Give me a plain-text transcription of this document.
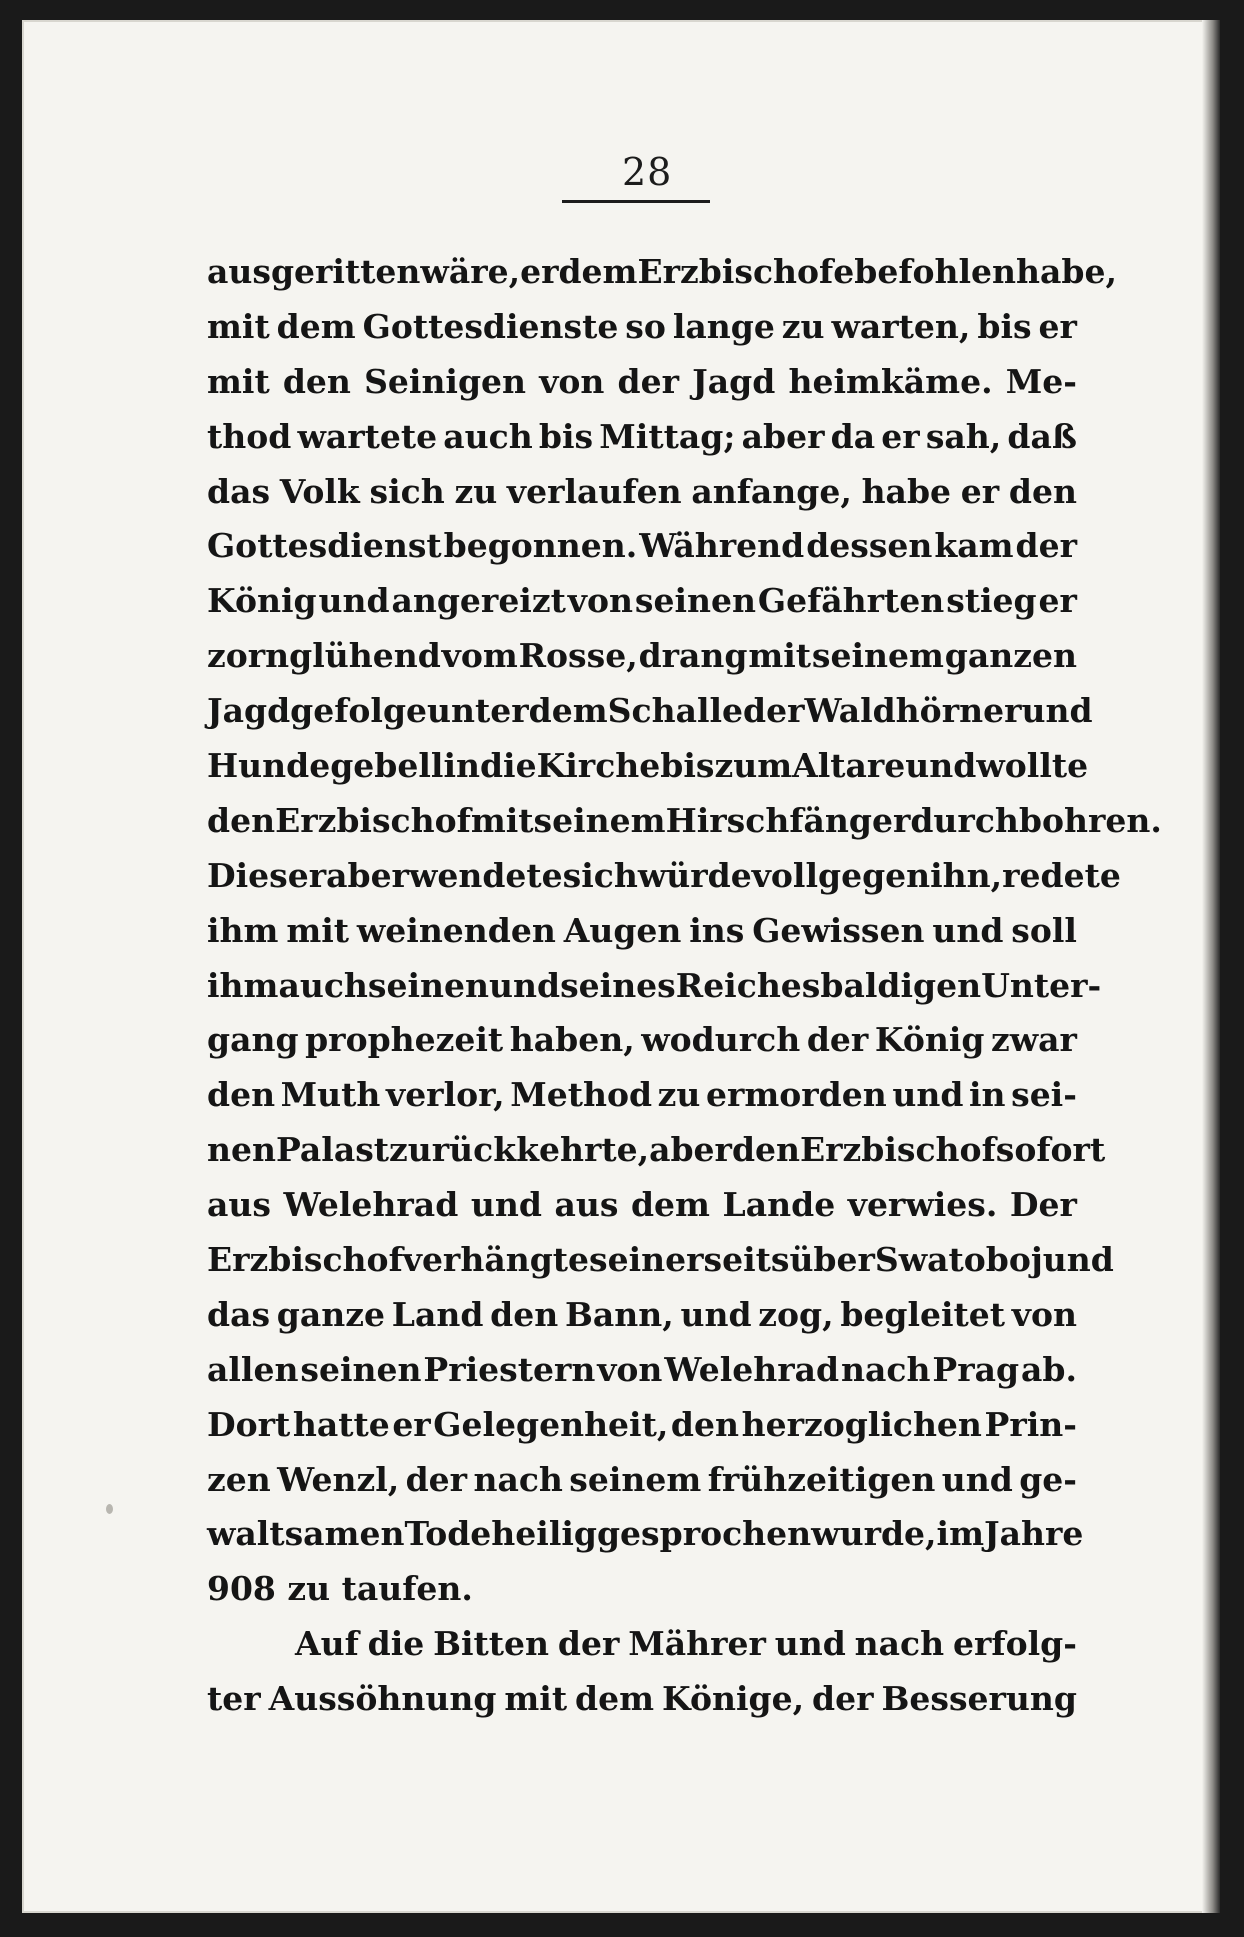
28
ausgeritten wäre, er dem Erzbischofe befohlen habe,
mit dem Gottesdienste so lange zu warten, bis er
mit den Seinigen von der Jagd heimkäme. Me-
thod wartete auch bis Mittag; aber da er sah, daß
das Volk sich zu verlaufen anfange, habe er den
Gottesdienst begonnen. Während dessen kam der
König und angereizt von seinen Gefährten stieg er
zornglühend vom Rosse, drang mit seinem ganzen
Jagdgefolge unter dem Schalle der Waldhörner und
Hundegebell in die Kirche bis zum Altare und wollte
den Erzbischof mit seinem Hirschfänger durchbohren.
Dieser aber wendete sich würdevoll gegen ihn, redete
ihm mit weinenden Augen ins Gewissen und soll
ihm auch seinen und seines Reiches baldigen Unter-
gang prophezeit haben, wodurch der König zwar
den Muth verlor, Method zu ermorden und in sei-
nen Palast zurückkehrte, aber den Erzbischof sofort
aus Welehrad und aus dem Lande verwies. Der
Erzbischof verhängte seinerseits über Swatoboj und
das ganze Land den Bann, und zog, begleitet von
allen seinen Priestern von Welehrad nach Prag ab.
Dort hatte er Gelegenheit, den herzoglichen Prin-
zen Wenzl, der nach seinem frühzeitigen und ge-
waltsamen Tode heilig gesprochen wurde, im Jahre
908 zu taufen.
Auf die Bitten der Mährer und nach erfolg-
ter Aussöhnung mit dem Könige, der Besserung
